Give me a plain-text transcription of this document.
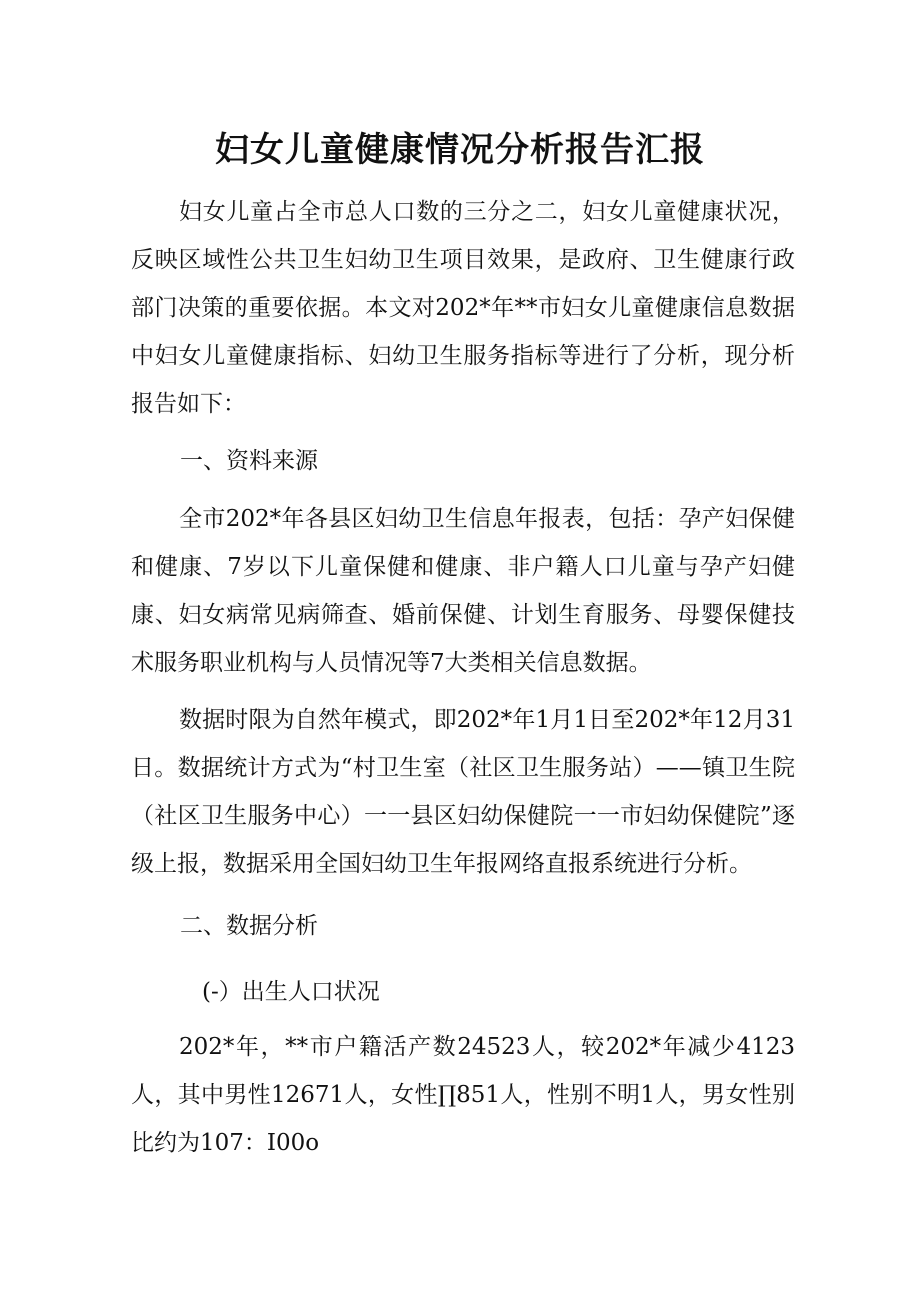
妇女儿童健康情况分析报告汇报

妇女儿童占全市总人口数的三分之二，妇女儿童健康状况，反映区域性公共卫生妇幼卫生项目效果，是政府、卫生健康行政部门决策的重要依据。本文对202*年**市妇女儿童健康信息数据中妇女儿童健康指标、妇幼卫生服务指标等进行了分析，现分析报告如下：

一、资料来源

全市202*年各县区妇幼卫生信息年报表，包括：孕产妇保健和健康、7岁以下儿童保健和健康、非户籍人口儿童与孕产妇健康、妇女病常见病筛查、婚前保健、计划生育服务、母婴保健技术服务职业机构与人员情况等7大类相关信息数据。

数据时限为自然年模式，即202*年1月1日至202*年12月31日。数据统计方式为“村卫生室（社区卫生服务站）——镇卫生院（社区卫生服务中心）一一县区妇幼保健院一一市妇幼保健院”逐级上报，数据采用全国妇幼卫生年报网络直报系统进行分析。

二、数据分析

(-）出生人口状况

202*年，**市户籍活产数24523人，较202*年减少4123人，其中男性12671人，女性∏851人，性别不明1人，男女性别比约为107：I00o
